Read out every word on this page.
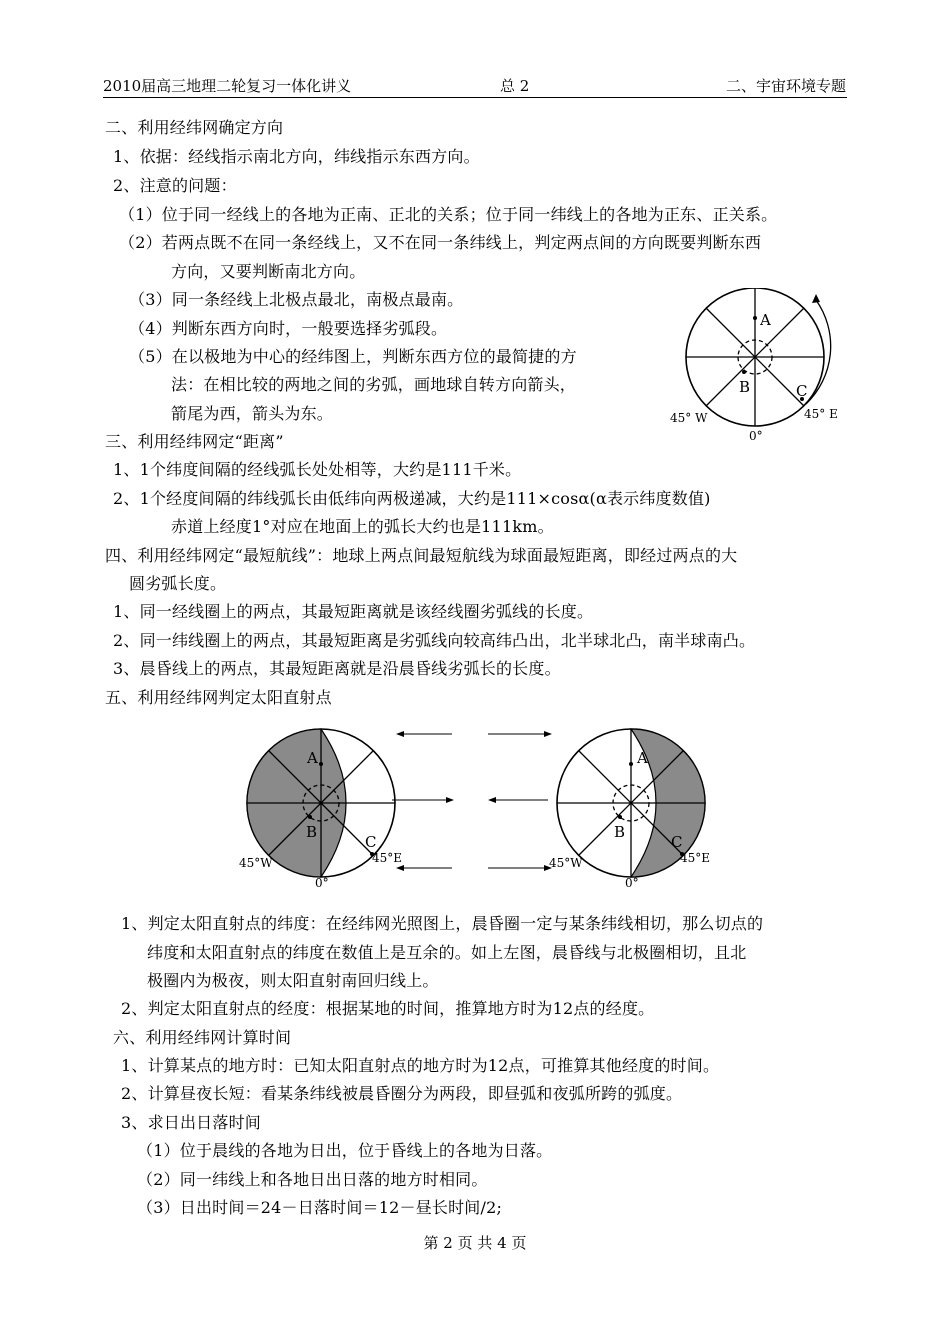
2010届高三地理二轮复习一体化讲义	总 2	二、宇宙环境专题
二、利用经纬网确定方向
1、依据：经线指示南北方向，纬线指示东西方向。
2、注意的问题：
（1）位于同一经线上的各地为正南、正北的关系；位于同一纬线上的各地为正东、正关系。
（2）若两点既不在同一条经线上，又不在同一条纬线上，判定两点间的方向既要判断东西
方向，又要判断南北方向。
（3）同一条经线上北极点最北，南极点最南。
（4）判断东西方向时，一般要选择劣弧段。
（5）在以极地为中心的经纬图上，判断东西方位的最简捷的方
法：在相比较的两地之间的劣弧，画地球自转方向箭头，
箭尾为西，箭头为东。
三、利用经纬网定“距离”
1、1个纬度间隔的经线弧长处处相等，大约是111千米。
2、1个经度间隔的纬线弧长由低纬向两极递减，大约是111×cosα(α表示纬度数值)
赤道上经度1°对应在地面上的弧长大约也是111km。
四、利用经纬网定“最短航线”：地球上两点间最短航线为球面最短距离，即经过两点的大
圆劣弧长度。
1、同一经线圈上的两点，其最短距离就是该经线圈劣弧线的长度。
2、同一纬线圈上的两点，其最短距离是劣弧线向较高纬凸出，北半球北凸，南半球南凸。
3、晨昏线上的两点，其最短距离就是沿晨昏线劣弧长的长度。
五、利用经纬网判定太阳直射点
1、判定太阳直射点的纬度：在经纬网光照图上，晨昏圈一定与某条纬线相切，那么切点的
纬度和太阳直射点的纬度在数值上是互余的。如上左图，晨昏线与北极圈相切，且北
极圈内为极夜，则太阳直射南回归线上。
2、判定太阳直射点的经度：根据某地的时间，推算地方时为12点的经度。
六、利用经纬网计算时间
1、计算某点的地方时：已知太阳直射点的地方时为12点，可推算其他经度的时间。
2、计算昼夜长短：看某条纬线被晨昏圈分为两段，即昼弧和夜弧所跨的弧度。
3、求日出日落时间
（1）位于晨线的各地为日出，位于昏线上的各地为日落。
（2）同一纬线上和各地日出日落的地方时相同。
（3）日出时间＝24－日落时间＝12－昼长时间/2;
A
B	C
45° W	45° E
0°
A
B
C
45°W	45°E
0°
A
B
C
45°W	45°E
0°
第 2 页 共 4 页
